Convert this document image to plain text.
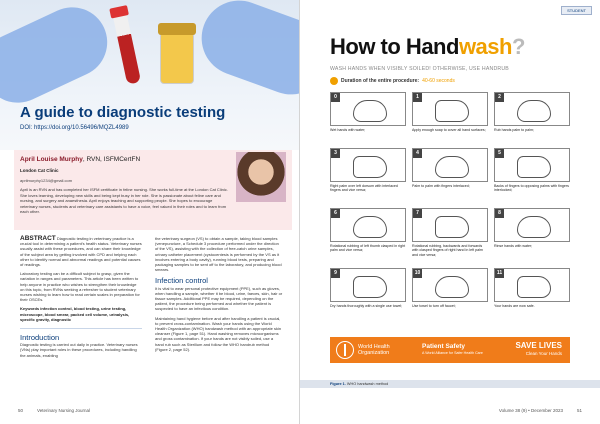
A guide to diagnostic testing
DOI: https://doi.org/10.56496/MQZL4989
April Louise Murphy, RVN, ISFMCertFN
London Cat Clinic
aprilmurphy1234@gmail.com
April is an RVN and has completed her ISFM certificate in feline nursing. She works full-time at the London Cat Clinic. She loves learning, developing new skills and being kept busy in her role. She is passionate about feline care and nursing, and surgery and anaesthesia. April enjoys teaching and supporting people. She hopes to encourage veterinary nurses, students and veterinary care assistants to have a voice, feel valued in their roles and to learn from each other.
ABSTRACT Diagnostic testing in veterinary practice is a crucial tool in determining a patient's health status. Veterinary nurses usually assist with these procedures, and can share their knowledge of the subject area by getting involved with CPD and helping each other to identify normal and abnormal readings and potential causes of readings.
Laboratory testing can be a difficult subject to grasp, given the variation in ranges and parameters. This article has been written to help anyone in practice who wishes to strengthen their knowledge on this topic, from RVNs seeking a refresher to student veterinary nurses wishing to learn how to read certain scales in preparation for their OSCEs.
Keywords infection control, blood testing, urine testing, microscope, blood smear, packed cell volume, urinalysis, specific gravity, diagnostic
Introduction
Diagnostic testing is carried out daily in practice. Veterinary nurses (VNs) play important roles in these procedures, including handling the animals, enabling
the veterinary surgeon (VS) to obtain a sample, taking blood samples (venepuncture, a Schedule 3 procedure performed under the direction of the VS), assisting with the collection of free-catch urine samples, urinary catheter placement (cystocentesis is performed by the VS as it involves entering a body cavity), running blood tests, preparing and packaging samples to be sent off to the laboratory, and producing blood smears.
Infection control
It is vital to wear personal protective equipment (PPE), such as gloves, when handling a sample, whether it be blood, urine, faeces, skin, hair or tissue samples. Additional PPE may be required, depending on the patient, the procedure being performed and whether the patient is suspected to have an infectious condition.
Maintaining hand hygiene before and after handling a patient is crucial, to prevent cross-contamination. Wash your hands using the World Health Organization (WHO) handwash method with an appropriate skin cleanser (Figure 1, page 51). Hand washing removes microorganisms and gross contamination. If your hands are not visibly soiled, use a hand rub such as Sterilium and follow the WHO handrub method (Figure 2, page 52).
50	Veterinary Nursing Journal
STUDENT
How to Handwash?
WASH HANDS WHEN VISIBLY SOILED! OTHERWISE, USE HANDRUB
Duration of the entire procedure: 40-60 seconds
0
Wet hands with water;
1
Apply enough soap to cover all hand surfaces;
2
Rub hands palm to palm;
3
Right palm over left dorsum with interlaced fingers and vice versa;
4
Palm to palm with fingers interlaced;
5
Backs of fingers to opposing palms with fingers interlocked;
6
Rotational rubbing of left thumb clasped in right palm and vice versa;
7
Rotational rubbing, backwards and forwards with clasped fingers of right hand in left palm and vice versa;
8
Rinse hands with water;
9
Dry hands thoroughly with a single use towel;
10
Use towel to turn off faucet;
11
Your hands are now safe.
World Health Organization
Patient Safety
A World Alliance for Safer Health Care
SAVE LIVES
Clean Your Hands
Figure 1. WHO handwash method
Volume 38 (9) • December 2023	51
